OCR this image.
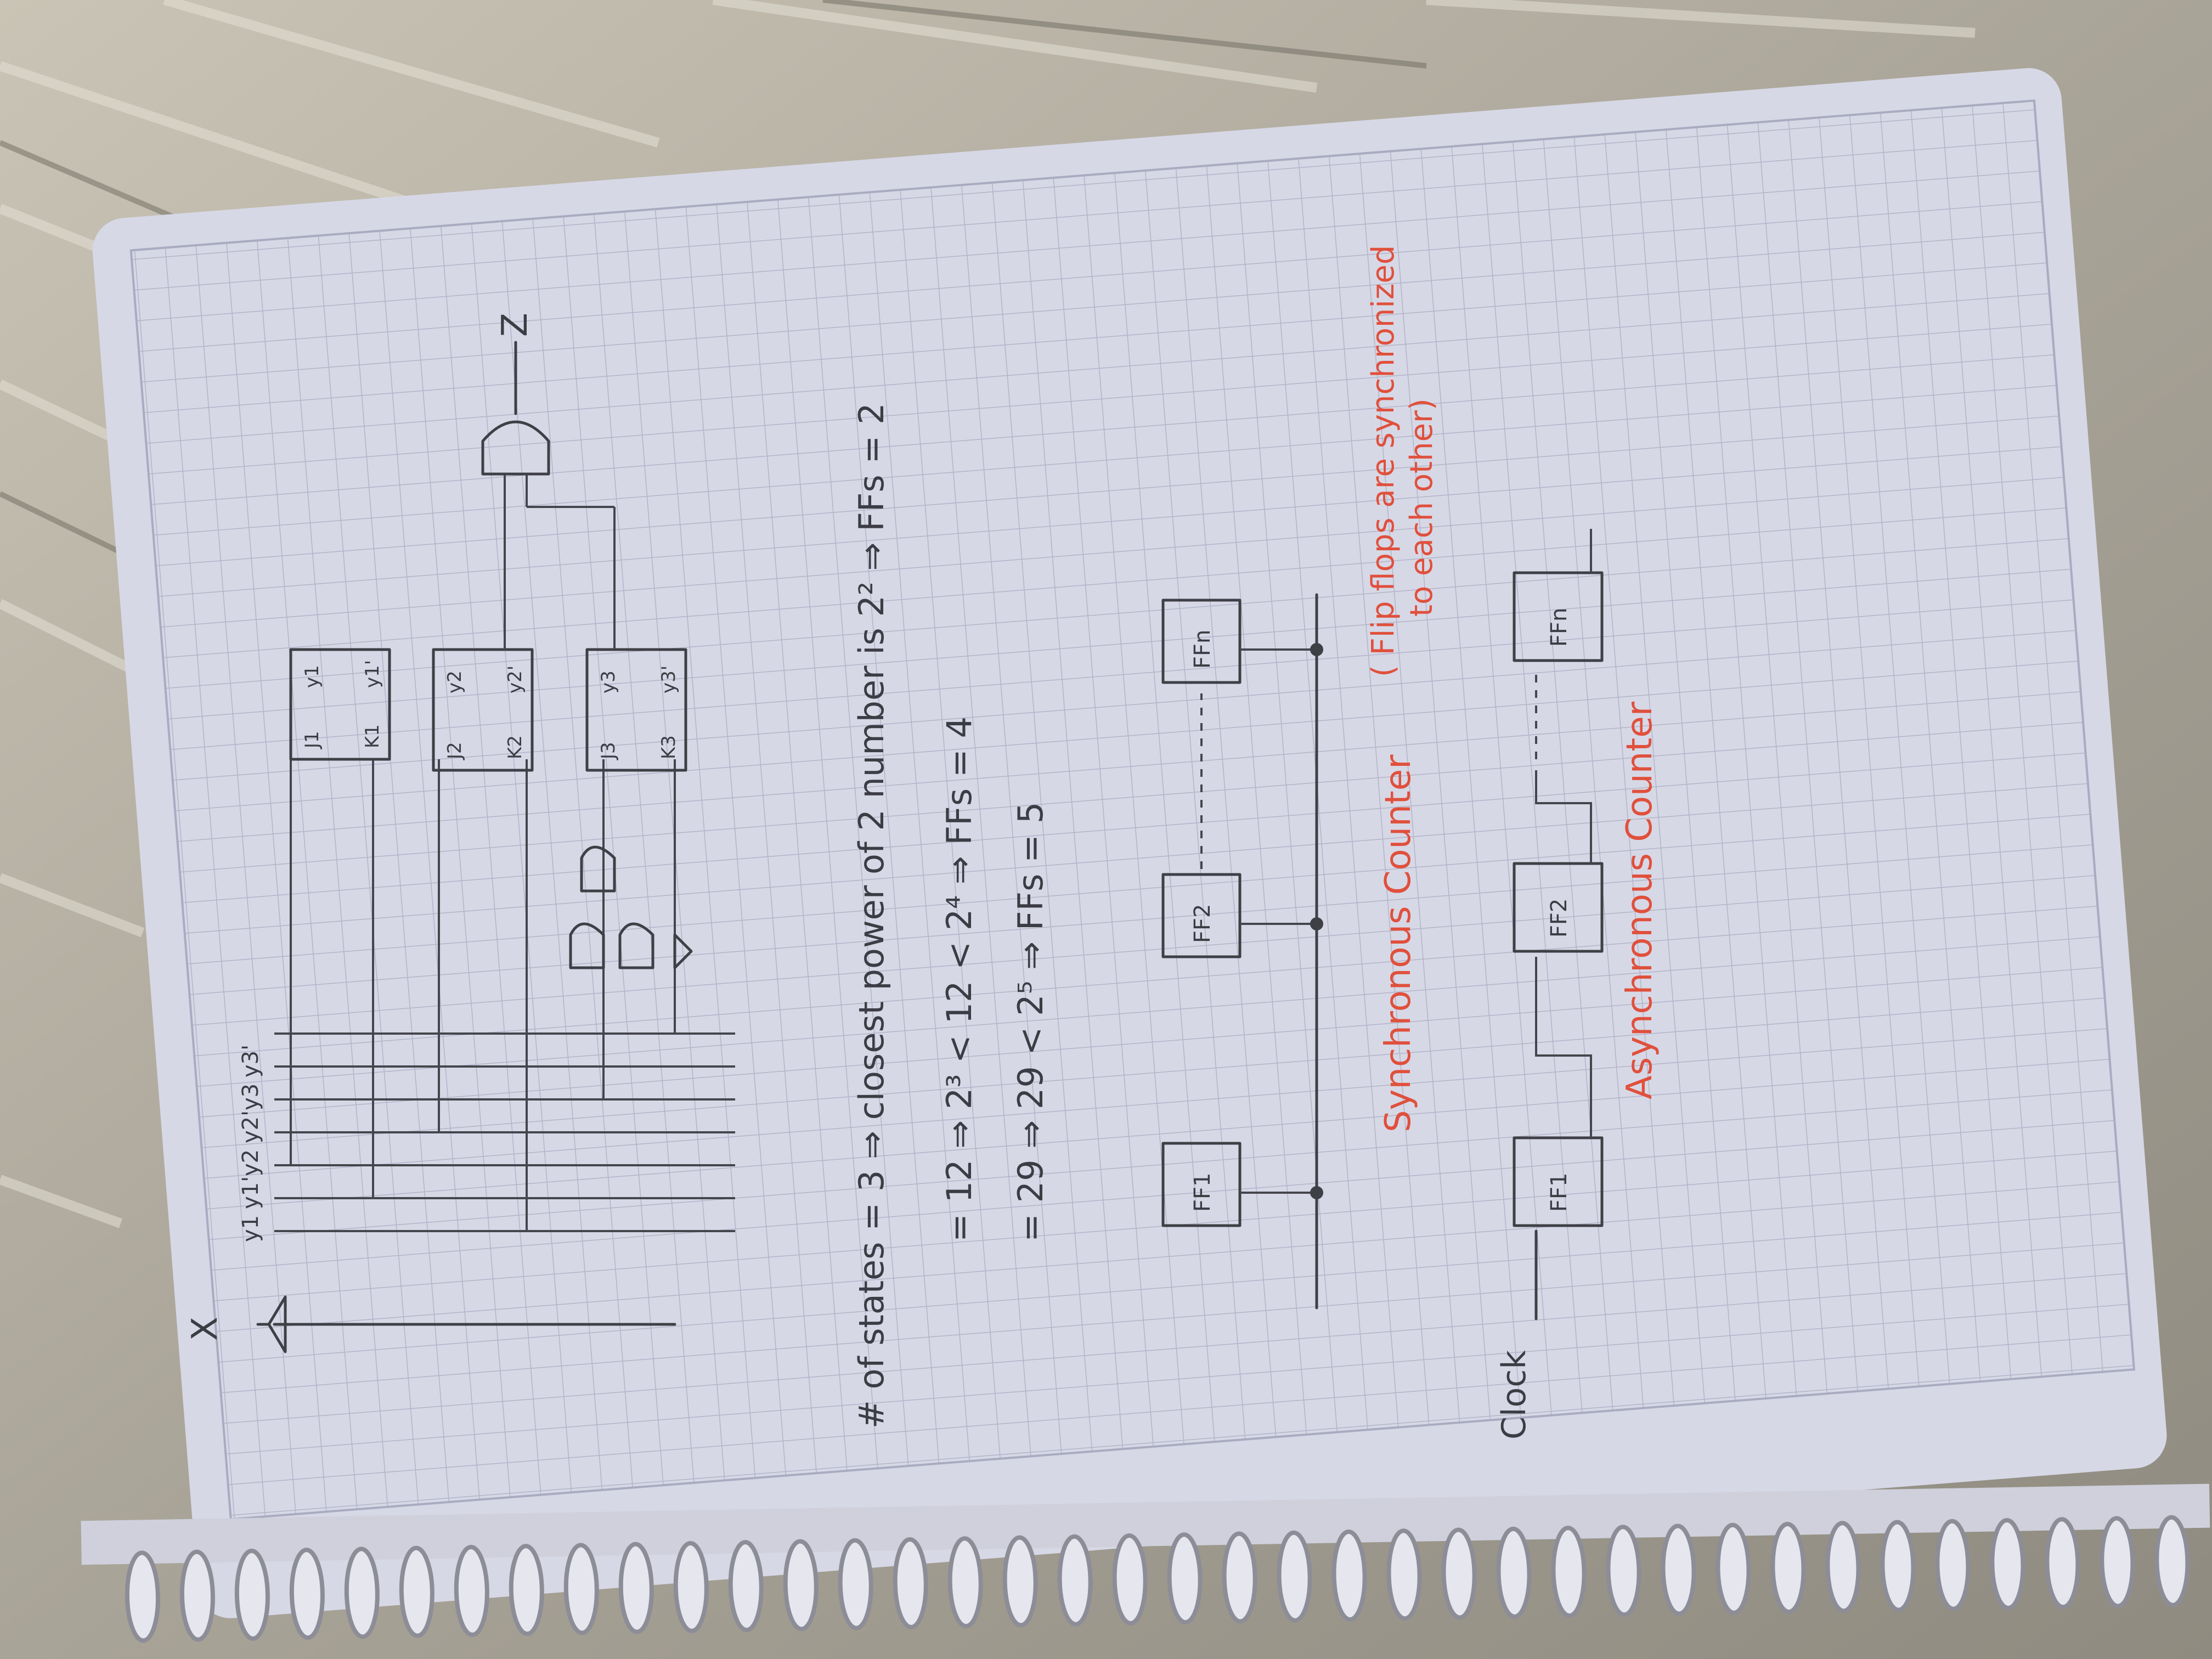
X
y1
y1'
y2
y2'
y3
y3'
J1 K1
y1 y1'
J2 K2
y2 y2'
J3 K3
y3 y3'
Z
# of states = 3 ⇒ closest power of 2 number is 2² ⇒ FFs = 2 = 12 ⇒ 2³ < 12 < 2⁴ ⇒ FFs = 4 = 29 ⇒ 29 < 2⁵ ⇒ FFs = 5	FF1
FF2
FFn
Synchronous Counter
( Flip flops are synchronized to each other)
Clock
FF1
FF2
FFn
Asynchronous Counter
